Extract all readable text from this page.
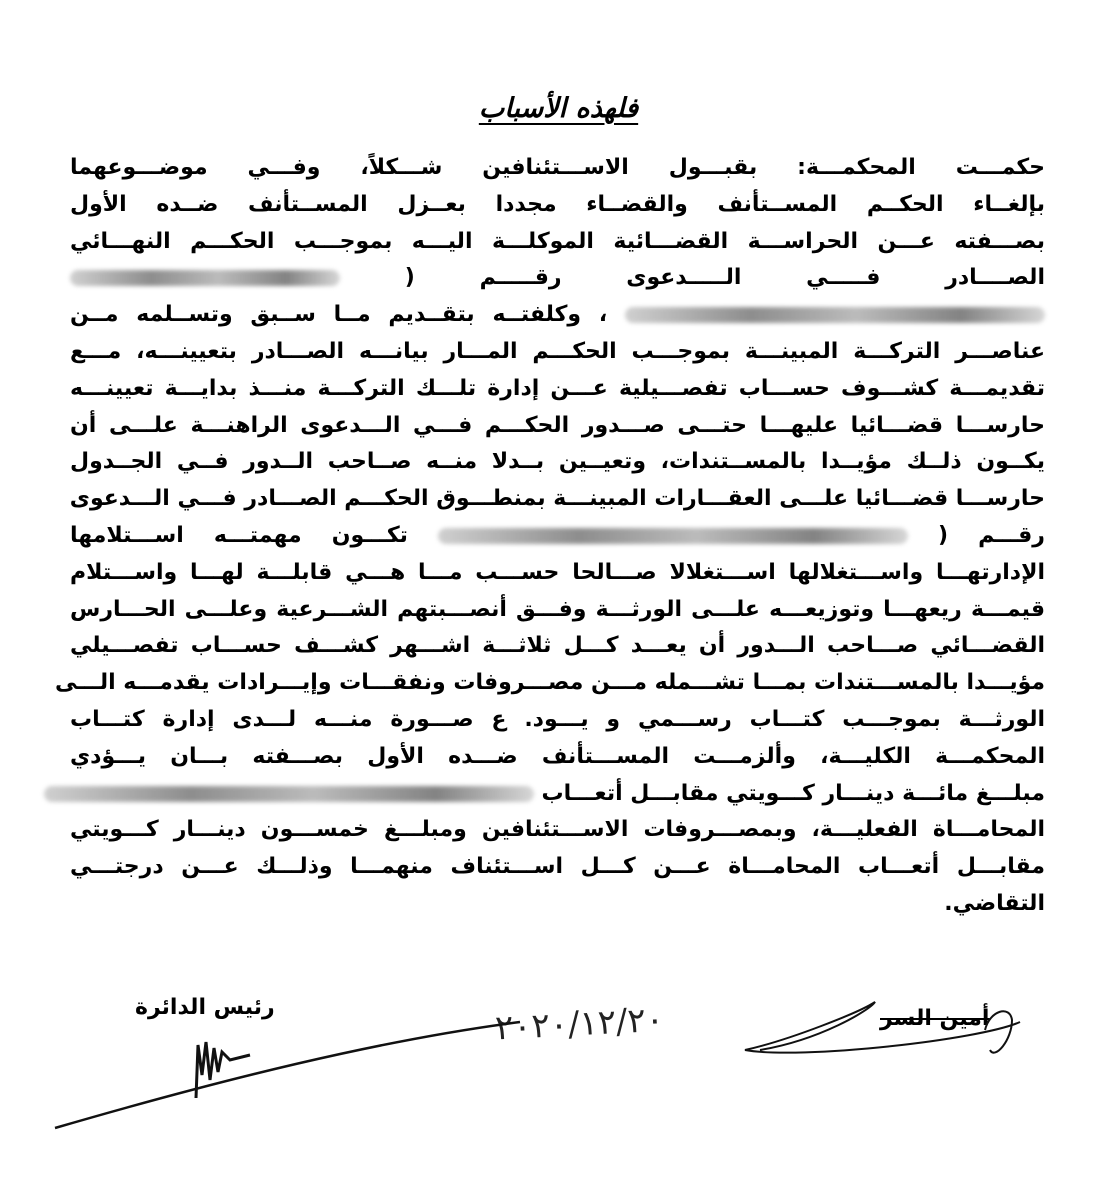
فلهذه الأسباب
حكمـــت المحكمـــة: بقبـــول الاســـتئنافين شـــكلاً، وفـــي موضـــوعهما
بإلغــاء الحكــم المســتأنف والقضــاء مجددا بعــزل المســتأنف ضــده الأول
بصـــفته عـــن الحراســـة القضـــائية الموكلـــة اليـــه بموجـــب الحكـــم النهـــائي
الصــــادر فـــــي الـــــدعوى رقـــــم (
، وكلفتــه بتقــديم مــا ســبق وتســلمه مــن
عناصـــر التركـــة المبينـــة بموجـــب الحكـــم المـــار بيانـــه الصـــادر بتعيينـــه، مـــع
تقديمـــة كشـــوف حســـاب تفصـــيلية عـــن إدارة تلـــك التركـــة منـــذ بدايـــة تعيينـــه
حارســـا قضـــائيا عليهـــا حتـــى صـــدور الحكـــم فـــي الـــدعوى الراهنـــة علـــى أن
يكــون ذلــك مؤيــدا بالمســتندات، وتعيــين بــدلا منــه صــاحب الــدور فــي الجــدول
حارســـا قضـــائيا علـــى العقـــارات المبينـــة بمنطـــوق الحكـــم الصـــادر فـــي الـــدعوى
رقـــم (  تكـــون مهمتـــه اســـتلامها
الإدارتهـــا واســـتغلالها اســـتغلالا صـــالحا حســـب مـــا هـــي قابلـــة لهـــا واســـتلام
قيمـــة ريعهـــا وتوزيعـــه علـــى الورثـــة وفـــق أنصـــبتهم الشـــرعية وعلـــى الحـــارس
القضـــائي صـــاحب الـــدور أن يعـــد كـــل ثلاثـــة اشـــهر كشـــف حســـاب تفصـــيلي
مؤيـــدا بالمســـتندات بمـــا تشـــمله مـــن مصـــروفات ونفقـــات وإيـــرادات يقدمـــه الـــى
الورثـــة بموجـــب كتـــاب رســـمي و يـــود. ع صـــورة منـــه لـــدى إدارة كتـــاب
المحكمـــة الكليـــة، وألزمـــت المســـتأنف ضـــده الأول بصـــفته بـــان يـــؤدي
مبلـــغ مائـــة دينـــار كـــويتي مقابـــل أتعـــاب
المحامـــاة الفعليـــة، وبمصـــروفات الاســـتئنافين ومبلـــغ خمســـون دينـــار كـــويتي
مقابـــل أتعـــاب المحامـــاة عـــن كـــل اســـتئناف منهمـــا وذلـــك عـــن درجتـــي
التقاضي.
رئيس الدائرة	أمين السر
٢٠٢٠/١٢/٢٠
